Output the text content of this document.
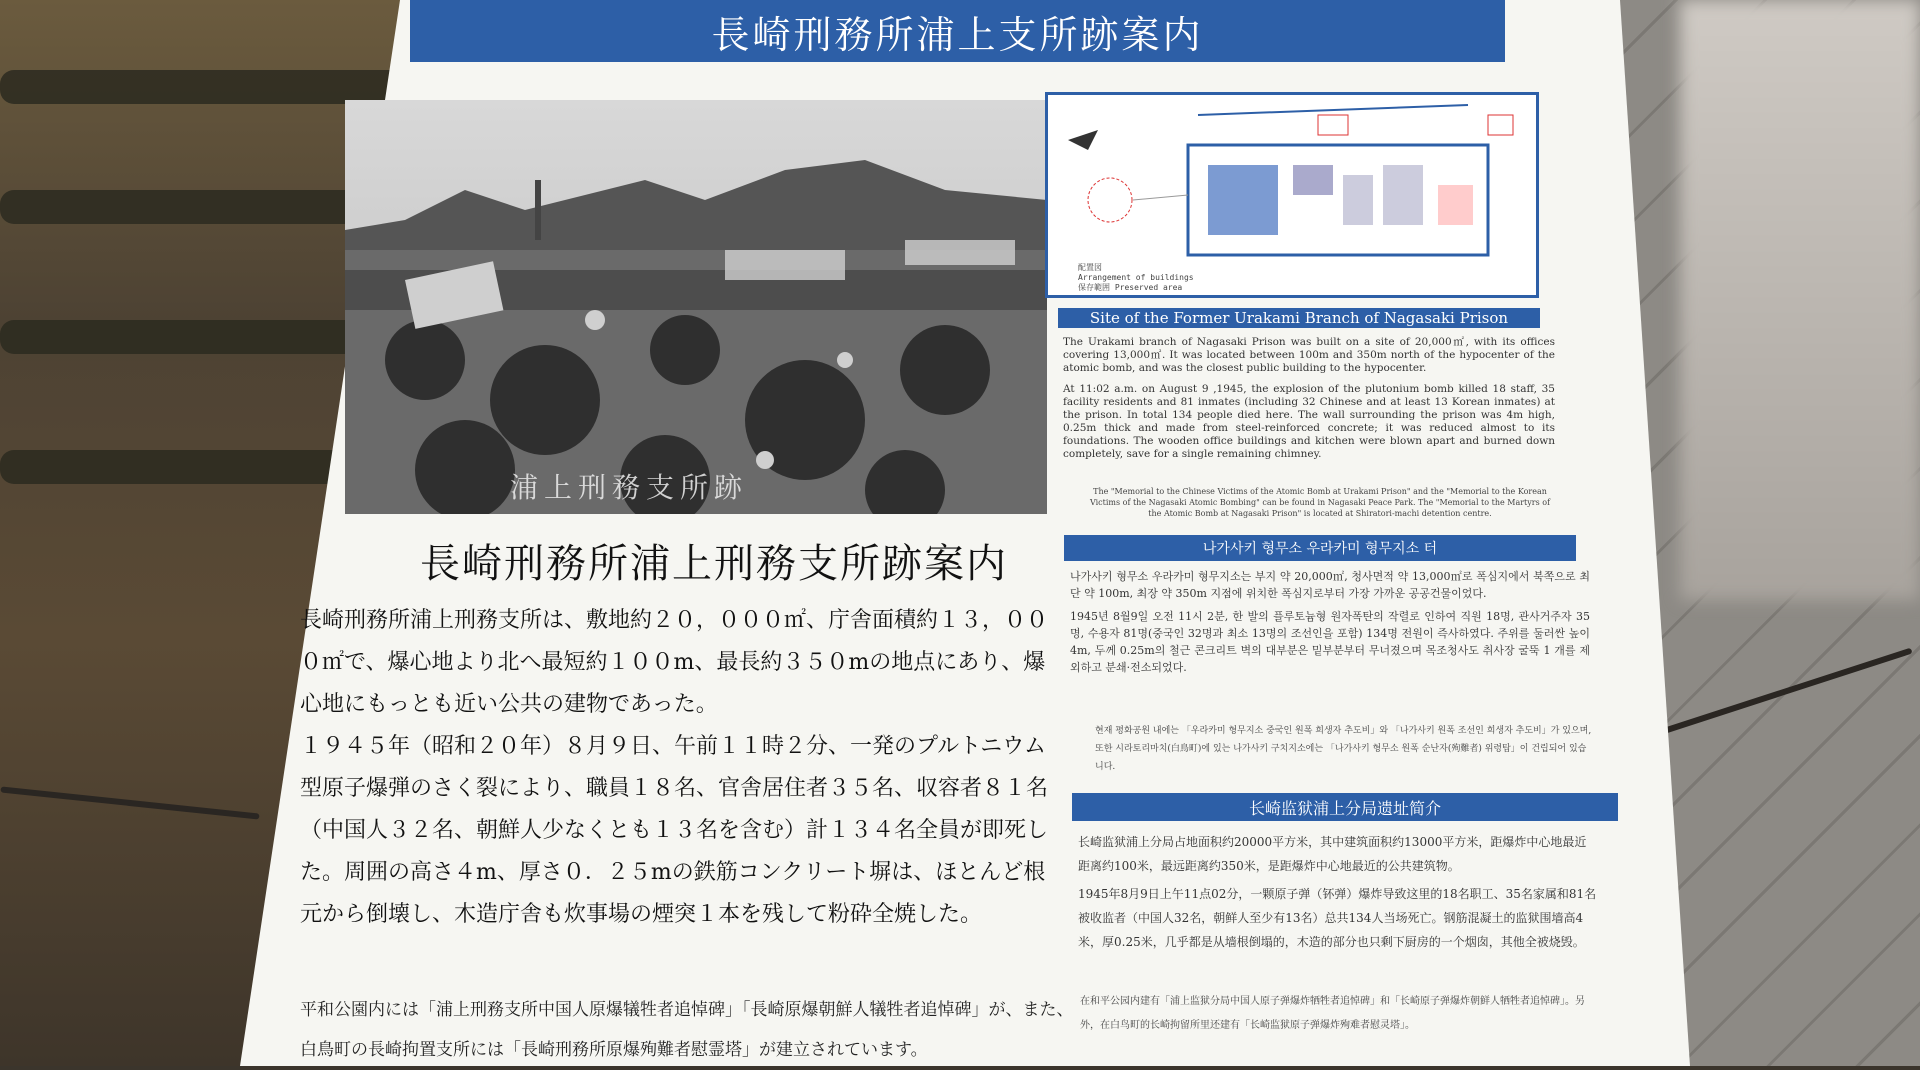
長崎刑務所浦上支所跡案内
浦上刑務支所跡
配置図
Arrangement of buildings
保存範囲 Preserved area
長崎刑務所浦上刑務支所跡案内

長崎刑務所浦上刑務支所は、敷地約２０，０００㎡、庁舎面積約１３，０００㎡で、爆心地より北へ最短約１００m、最長約３５０mの地点にあり、爆心地にもっとも近い公共の建物であった。

１９４５年（昭和２０年）８月９日、午前１１時２分、一発のプルトニウム型原子爆弾のさく裂により、職員１８名、官舎居住者３５名、収容者８１名（中国人３２名、朝鮮人少なくとも１３名を含む）計１３４名全員が即死した。周囲の高さ４m、厚さ０．２５mの鉄筋コンクリート塀は、ほとんど根元から倒壊し、木造庁舎も炊事場の煙突１本を残して粉砕全焼した。

平和公園内には「浦上刑務支所中国人原爆犠牲者追悼碑」「長崎原爆朝鮮人犠牲者追悼碑」が、また、白鳥町の長崎拘置支所には「長崎刑務所原爆殉難者慰霊塔」が建立されています。
Site of the Former Urakami Branch of Nagasaki Prison

The Urakami branch of Nagasaki Prison was built on a site of 20,000㎡, with its offices covering 13,000㎡. It was located between 100m and 350m north of the hypocenter of the atomic bomb, and was the closest public building to the hypocenter.

At 11:02 a.m. on August 9 ,1945, the explosion of the plutonium bomb killed 18 staff, 35 facility residents and 81 inmates (including 32 Chinese and at least 13 Korean inmates) at the prison. In total 134 people died here. The wall surrounding the prison was 4m high, 0.25m thick and made from steel-reinforced concrete; it was reduced almost to its foundations. The wooden office buildings and kitchen were blown apart and burned down completely, save for a single remaining chimney.

The "Memorial to the Chinese Victims of the Atomic Bomb at Urakami Prison" and the "Memorial to the Korean Victims of the Nagasaki Atomic Bombing" can be found in Nagasaki Peace Park. The "Memorial to the Martyrs of the Atomic Bomb at Nagasaki Prison" is located at Shiratori-machi detention centre.
나가사키 형무소 우라카미 형무지소 터

나가사키 형무소 우라카미 형무지소는 부지 약 20,000㎡, 청사면적 약 13,000㎡로 폭심지에서 북쪽으로 최단 약 100m, 최장 약 350m 지점에 위치한 폭심지로부터 가장 가까운 공공건물이었다.

1945년 8월9일 오전 11시 2분, 한 발의 플루토늄형 원자폭탄의 작렬로 인하여 직원 18명, 관사거주자 35명, 수용자 81명(중국인 32명과 최소 13명의 조선인을 포함) 134명 전원이 즉사하였다. 주위를 둘러싼 높이 4m, 두께 0.25m의 철근 콘크리트 벽의 대부분은 밑부분부터 무너졌으며 목조청사도 취사장 굴뚝 1 개를 제외하고 분쇄·전소되었다.

현재 평화공원 내에는 「우라카미 형무지소 중국인 원폭 희생자 추도비」와 「나가사키 원폭 조선인 희생자 추도비」가 있으며, 또한 시라토리마치(白鳥町)에 있는 나가사키 구치지소에는 「나가사키 형무소 원폭 순난자(殉難者) 위령탑」이 건립되어 있습니다.
长崎监狱浦上分局遗址简介

长崎监狱浦上分局占地面积约20000平方米，其中建筑面积约13000平方米，距爆炸中心地最近距离约100米，最远距离约350米，是距爆炸中心地最近的公共建筑物。

1945年8月9日上午11点02分，一颗原子弹（钚弹）爆炸导致这里的18名职工、35名家属和81名被收监者（中国人32名，朝鲜人至少有13名）总共134人当场死亡。钢筋混凝土的监狱围墙高4米，厚0.25米，几乎都是从墙根倒塌的，木造的部分也只剩下厨房的一个烟囱，其他全被烧毁。

在和平公园内建有「浦上监狱分局中国人原子弹爆炸牺牲者追悼碑」和「长崎原子弹爆炸朝鲜人牺牲者追悼碑」。另外，在白鸟町的长崎拘留所里还建有「长崎监狱原子弹爆炸殉难者慰灵塔」。
